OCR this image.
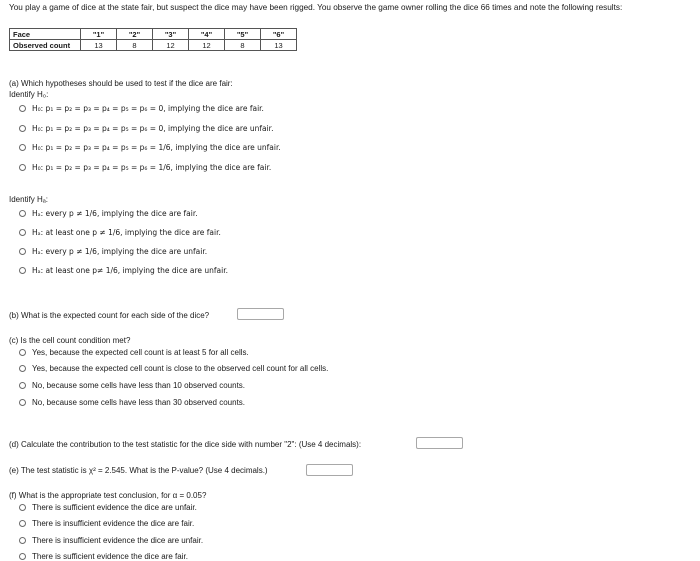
You play a game of dice at the state fair, but suspect the dice may have been rigged. You observe the game owner rolling the dice 66 times and note the following results:
Face	"1"	"2"	"3"	"4"	"5"	"6"
Observed count	13	8	12	12	8	13
(a) Which hypotheses should be used to test if the dice are fair:
Identify H₀:
H₀: p₁ = p₂ = p₃ = p₄ = p₅ = p₆ = 0, implying the dice are fair.
H₀: p₁ = p₂ = p₃ = p₄ = p₅ = p₆ = 0, implying the dice are unfair.
H₀: p₁ = p₂ = p₃ = p₄ = p₅ = p₆ = 1/6, implying the dice are unfair.
H₀: p₁ = p₂ = p₃ = p₄ = p₅ = p₆ = 1/6, implying the dice are fair.
Identify Hₐ:
Hₐ: every p ≠ 1/6, implying the dice are fair.
Hₐ: at least one p ≠ 1/6, implying the dice are fair.
Hₐ: every p ≠ 1/6, implying the dice are unfair.
Hₐ: at least one p≠ 1/6, implying the dice are unfair.
(b) What is the expected count for each side of the dice?
(c) Is the cell count condition met?
Yes, because the expected cell count is at least 5 for all cells.
Yes, because the expected cell count is close to the observed cell count for all cells.
No, because some cells have less than 10 observed counts.
No, because some cells have less than 30 observed counts.
(d) Calculate the contribution to the test statistic for the dice side with number "2": (Use 4 decimals):
(e) The test statistic is χ² = 2.545. What is the P-value? (Use 4 decimals.)
(f) What is the appropriate test conclusion, for α = 0.05?
There is sufficient evidence the dice are unfair.
There is insufficient evidence the dice are fair.
There is insufficient evidence the dice are unfair.
There is sufficient evidence the dice are fair.
